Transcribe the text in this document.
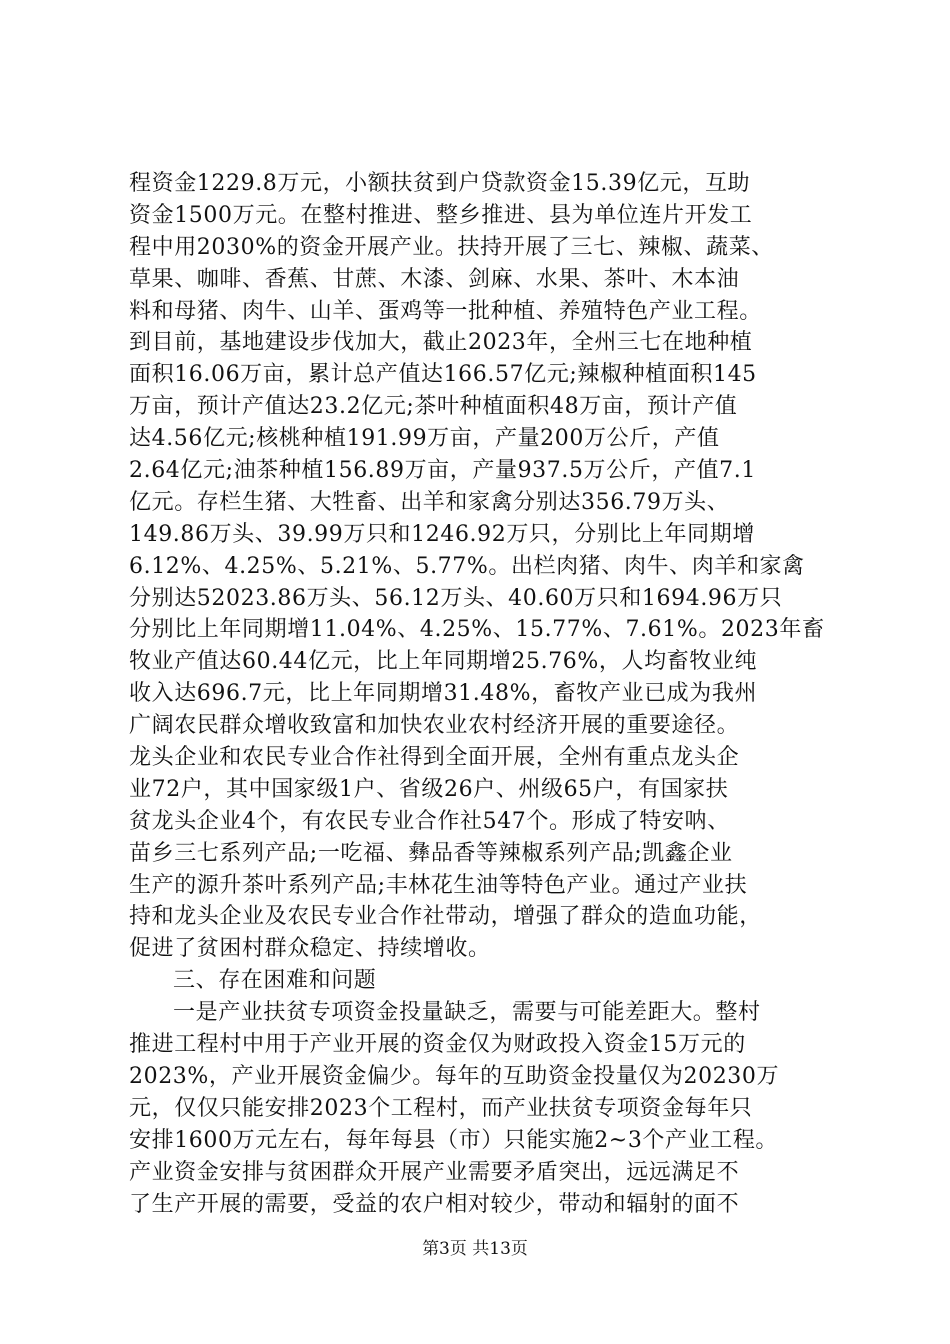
程资金1229.8万元，小额扶贫到户贷款资金15.39亿元，互助
资金1500万元。在整村推进、整乡推进、县为单位连片开发工
程中用2030%的资金开展产业。扶持开展了三七、辣椒、蔬菜、
草果、咖啡、香蕉、甘蔗、木漆、剑麻、水果、茶叶、木本油
料和母猪、肉牛、山羊、蛋鸡等一批种植、养殖特色产业工程。
到目前，基地建设步伐加大，截止2023年，全州三七在地种植
面积16.06万亩，累计总产值达166.57亿元;辣椒种植面积145
万亩，预计产值达23.2亿元;茶叶种植面积48万亩，预计产值
达4.56亿元;核桃种植191.99万亩，产量200万公斤，产值
2.64亿元;油茶种植156.89万亩，产量937.5万公斤，产值7.1
亿元。存栏生猪、大牲畜、出羊和家禽分别达356.79万头、
149.86万头、39.99万只和1246.92万只，分别比上年同期增
6.12%、4.25%、5.21%、5.77%。出栏肉猪、肉牛、肉羊和家禽
分别达52023.86万头、56.12万头、40.60万只和1694.96万只
分别比上年同期增11.04%、4.25%、15.77%、7.61%。2023年畜
牧业产值达60.44亿元，比上年同期增25.76%，人均畜牧业纯
收入达696.7元，比上年同期增31.48%，畜牧产业已成为我州
广阔农民群众增收致富和加快农业农村经济开展的重要途径。
龙头企业和农民专业合作社得到全面开展，全州有重点龙头企
业72户，其中国家级1户、省级26户、州级65户，有国家扶
贫龙头企业4个，有农民专业合作社547个。形成了特安呐、
苗乡三七系列产品;一吃福、彝品香等辣椒系列产品;凯鑫企业
生产的源升茶叶系列产品;丰林花生油等特色产业。通过产业扶
持和龙头企业及农民专业合作社带动，增强了群众的造血功能，
促进了贫困村群众稳定、持续增收。
三、存在困难和问题
一是产业扶贫专项资金投量缺乏，需要与可能差距大。整村
推进工程村中用于产业开展的资金仅为财政投入资金15万元的
2023%，产业开展资金偏少。每年的互助资金投量仅为20230万
元，仅仅只能安排2023个工程村，而产业扶贫专项资金每年只
安排1600万元左右，每年每县（市）只能实施2~3个产业工程。
产业资金安排与贫困群众开展产业需要矛盾突出，远远满足不
了生产开展的需要，受益的农户相对较少，带动和辐射的面不
第3页 共13页
